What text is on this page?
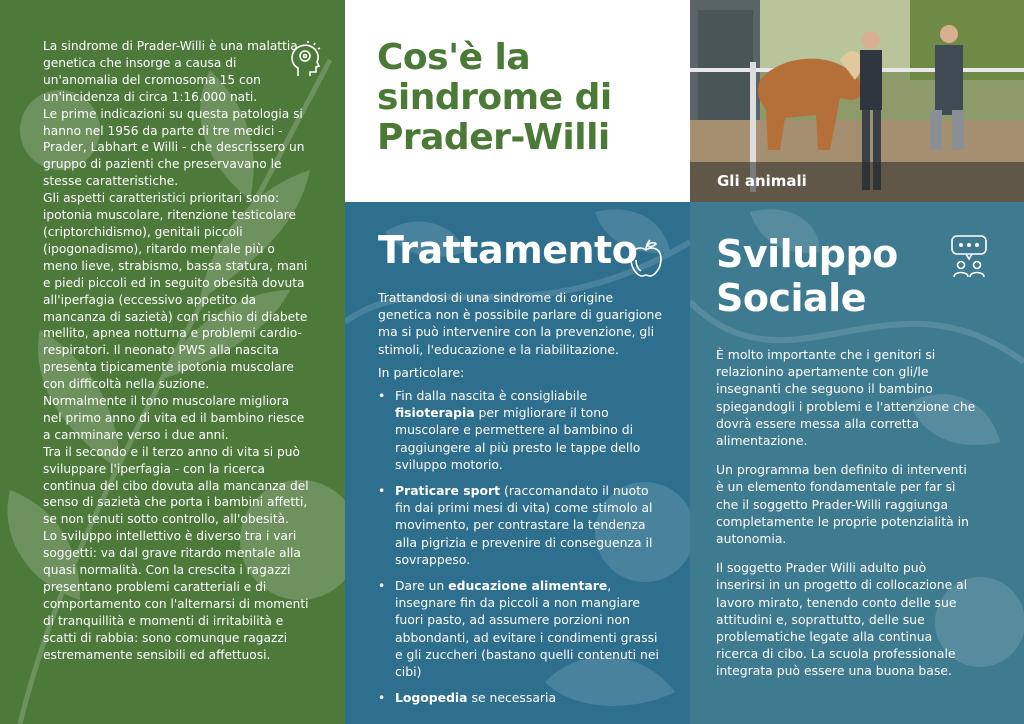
La sindrome di Prader-Willi è una malattia genetica che insorge a causa di un'anomalia del cromosoma 15 con un'incidenza di circa 1:16.000 nati.

Le prime indicazioni su questa patologia si hanno nel 1956 da parte di tre medici - Prader, Labhart e Willi - che descrissero un gruppo di pazienti che preservavano le stesse caratteristiche.

Gli aspetti caratteristici prioritari sono: ipotonia muscolare, ritenzione testicolare (criptorchidismo), genitali piccoli (ipogonadismo), ritardo mentale più o meno lieve, strabismo, bassa statura, mani e piedi piccoli ed in seguito obesità dovuta all'iperfagia (eccessivo appetito da mancanza di sazietà) con rischio di diabete mellito, apnea notturna e problemi cardio-respiratori. Il neonato PWS alla nascita presenta tipicamente ipotonia muscolare con difficoltà nella suzione.

Normalmente il tono muscolare migliora nel primo anno di vita ed il bambino riesce a camminare verso i due anni.

Tra il secondo e il terzo anno di vita si può sviluppare l'iperfagia - con la ricerca continua del cibo dovuta alla mancanza del senso di sazietà che porta i bambini affetti, se non tenuti sotto controllo, all'obesità.

Lo sviluppo intellettivo è diverso tra i vari soggetti: va dal grave ritardo mentale alla quasi normalità. Con la crescita i ragazzi presentano problemi caratteriali e di comportamento con l'alternarsi di momenti di tranquillità e momenti di irritabilità e scatti di rabbia: sono comunque ragazzi estremamente sensibili ed affettuosi.

Cos'è la
sindrome di
Prader-Willi
Gli animali
Trattamento

Trattandosi di una sindrome di origine genetica non è possibile parlare di guarigione ma si può intervenire con la prevenzione, gli stimoli, l'educazione e la riabilitazione.

In particolare:

• Fin dalla nascita è consigliabile fisioterapia per migliorare il tono muscolare e permettere al bambino di raggiungere al più presto le tappe dello sviluppo motorio.
• Praticare sport (raccomandato il nuoto fin dai primi mesi di vita) come stimolo al movimento, per contrastare la tendenza alla pigrizia e prevenire di conseguenza il sovrappeso.
• Dare un educazione alimentare, insegnare fin da piccoli a non mangiare fuori pasto, ad assumere porzioni non abbondanti, ad evitare i condimenti grassi e gli zuccheri (bastano quelli contenuti nei cibi)
• Logopedia se necessaria
Sviluppo
Sociale

È molto importante che i genitori si relazionino apertamente con gli/le insegnanti che seguono il bambino spiegandogli i problemi e l'attenzione che dovrà essere messa alla corretta alimentazione.

Un programma ben definito di interventi è un elemento fondamentale per far sì che il soggetto Prader-Willi raggiunga completamente le proprie potenzialità in autonomia.

Il soggetto Prader Willi adulto può inserirsi in un progetto di collocazione al lavoro mirato, tenendo conto delle sue attitudini e, soprattutto, delle sue problematiche legate alla continua ricerca di cibo. La scuola professionale integrata può essere una buona base.
